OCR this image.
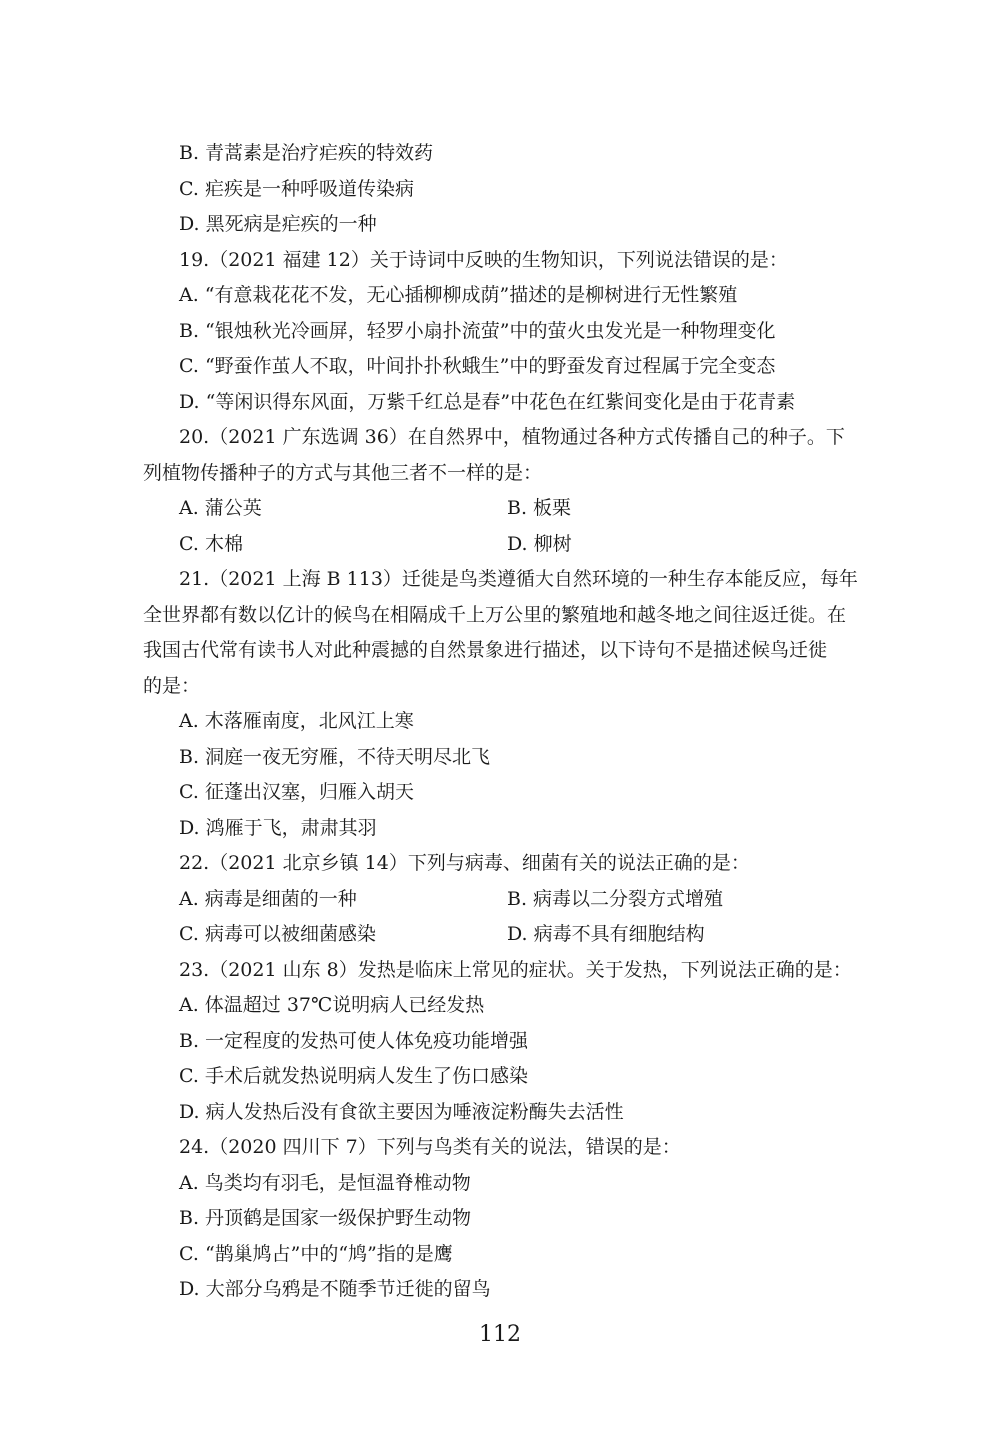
B. 青蒿素是治疗疟疾的特效药
C. 疟疾是一种呼吸道传染病
D. 黑死病是疟疾的一种
19.（2021 福建 12）关于诗词中反映的生物知识，下列说法错误的是：
A. “有意栽花花不发，无心插柳柳成荫”描述的是柳树进行无性繁殖
B. “银烛秋光冷画屏，轻罗小扇扑流萤”中的萤火虫发光是一种物理变化
C. “野蚕作茧人不取，叶间扑扑秋蛾生”中的野蚕发育过程属于完全变态
D. “等闲识得东风面，万紫千红总是春”中花色在红紫间变化是由于花青素
20.（2021 广东选调 36）在自然界中，植物通过各种方式传播自己的种子。下
列植物传播种子的方式与其他三者不一样的是：
A. 蒲公英	B. 板栗
C. 木棉	D. 柳树
21.（2021 上海 B 113）迁徙是鸟类遵循大自然环境的一种生存本能反应，每年
全世界都有数以亿计的候鸟在相隔成千上万公里的繁殖地和越冬地之间往返迁徙。在
我国古代常有读书人对此种震撼的自然景象进行描述，以下诗句不是描述候鸟迁徙
的是：
A. 木落雁南度，北风江上寒
B. 洞庭一夜无穷雁，不待天明尽北飞
C. 征蓬出汉塞，归雁入胡天
D. 鸿雁于飞，肃肃其羽
22.（2021 北京乡镇 14）下列与病毒、细菌有关的说法正确的是：
A. 病毒是细菌的一种	B. 病毒以二分裂方式增殖
C. 病毒可以被细菌感染	D. 病毒不具有细胞结构
23.（2021 山东 8）发热是临床上常见的症状。关于发热，下列说法正确的是：
A. 体温超过 37℃说明病人已经发热
B. 一定程度的发热可使人体免疫功能增强
C. 手术后就发热说明病人发生了伤口感染
D. 病人发热后没有食欲主要因为唾液淀粉酶失去活性
24.（2020 四川下 7）下列与鸟类有关的说法，错误的是：
A. 鸟类均有羽毛，是恒温脊椎动物
B. 丹顶鹤是国家一级保护野生动物
C. “鹊巢鸠占”中的“鸠”指的是鹰
D. 大部分乌鸦是不随季节迁徙的留鸟
112
